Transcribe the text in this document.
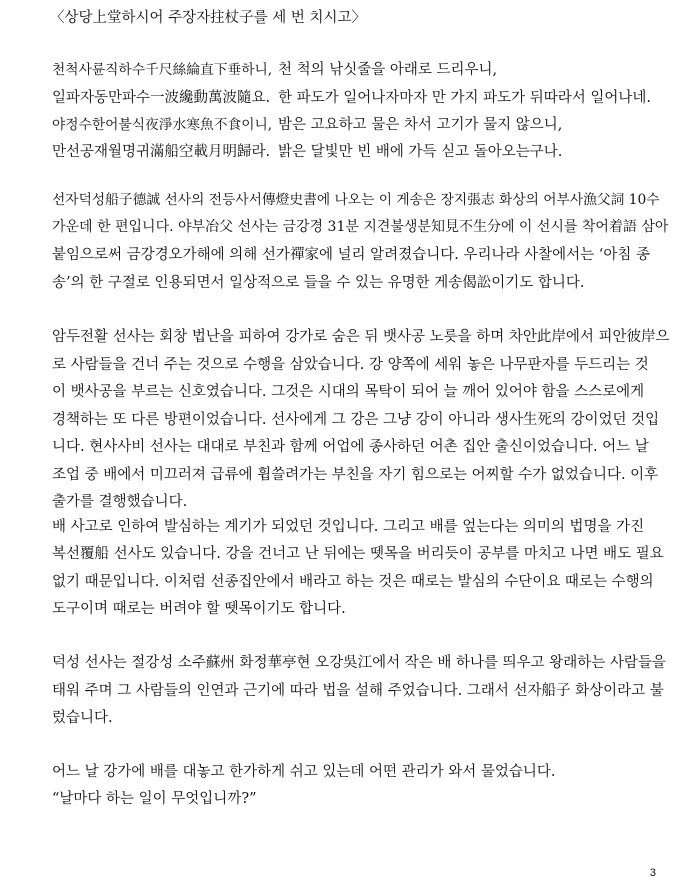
〈상당上堂하시어 주장자拄杖子를 세 번 치시고〉
천척사륜직하수千尺絲綸直下垂하니, 천 척의 낚싯줄을 아래로 드리우니,
일파자동만파수一波纔動萬波隨요. 한 파도가 일어나자마자 만 가지 파도가 뒤따라서 일어나네.
야정수한어불식夜淨水寒魚不食이니, 밤은 고요하고 물은 차서 고기가 물지 않으니,
만선공재월명귀滿船空載月明歸라. 밝은 달빛만 빈 배에 가득 싣고 돌아오는구나.
선자덕성船子德誠 선사의 전등사서傳燈史書에 나오는 이 게송은 장지張志 화상의 어부사漁父詞 10수
가운데 한 편입니다. 야부冶父 선사는 금강경 31분 지견불생분知見不生分에 이 선시를 착어着語 삼아
붙임으로써 금강경오가해에 의해 선가禪家에 널리 알려졌습니다. 우리나라 사찰에서는 ‘아침 종
송’의 한 구절로 인용되면서 일상적으로 들을 수 있는 유명한 게송偈訟이기도 합니다.
암두전활 선사는 회창 법난을 피하여 강가로 숨은 뒤 뱃사공 노릇을 하며 차안此岸에서 피안彼岸으
로 사람들을 건너 주는 것으로 수행을 삼았습니다. 강 양쪽에 세워 놓은 나무판자를 두드리는 것
이 뱃사공을 부르는 신호였습니다. 그것은 시대의 목탁이 되어 늘 깨어 있어야 함을 스스로에게
경책하는 또 다른 방편이었습니다. 선사에게 그 강은 그냥 강이 아니라 생사生死의 강이었던 것입
니다. 현사사비 선사는 대대로 부친과 함께 어업에 종사하던 어촌 집안 출신이었습니다. 어느 날
조업 중 배에서 미끄러져 급류에 휩쓸려가는 부친을 자기 힘으로는 어찌할 수가 없었습니다. 이후
출가를 결행했습니다.
배 사고로 인하여 발심하는 계기가 되었던 것입니다. 그리고 배를 엎는다는 의미의 법명을 가진
복선覆船 선사도 있습니다. 강을 건너고 난 뒤에는 뗏목을 버리듯이 공부를 마치고 나면 배도 필요
없기 때문입니다. 이처럼 선종집안에서 배라고 하는 것은 때로는 발심의 수단이요 때로는 수행의
도구이며 때로는 버려야 할 뗏목이기도 합니다.
덕성 선사는 절강성 소주蘇州 화정華亭현 오강吳江에서 작은 배 하나를 띄우고 왕래하는 사람들을
태워 주며 그 사람들의 인연과 근기에 따라 법을 설해 주었습니다. 그래서 선자船子 화상이라고 불
렀습니다.
어느 날 강가에 배를 대놓고 한가하게 쉬고 있는데 어떤 관리가 와서 물었습니다.
“날마다 하는 일이 무엇입니까?”
3
